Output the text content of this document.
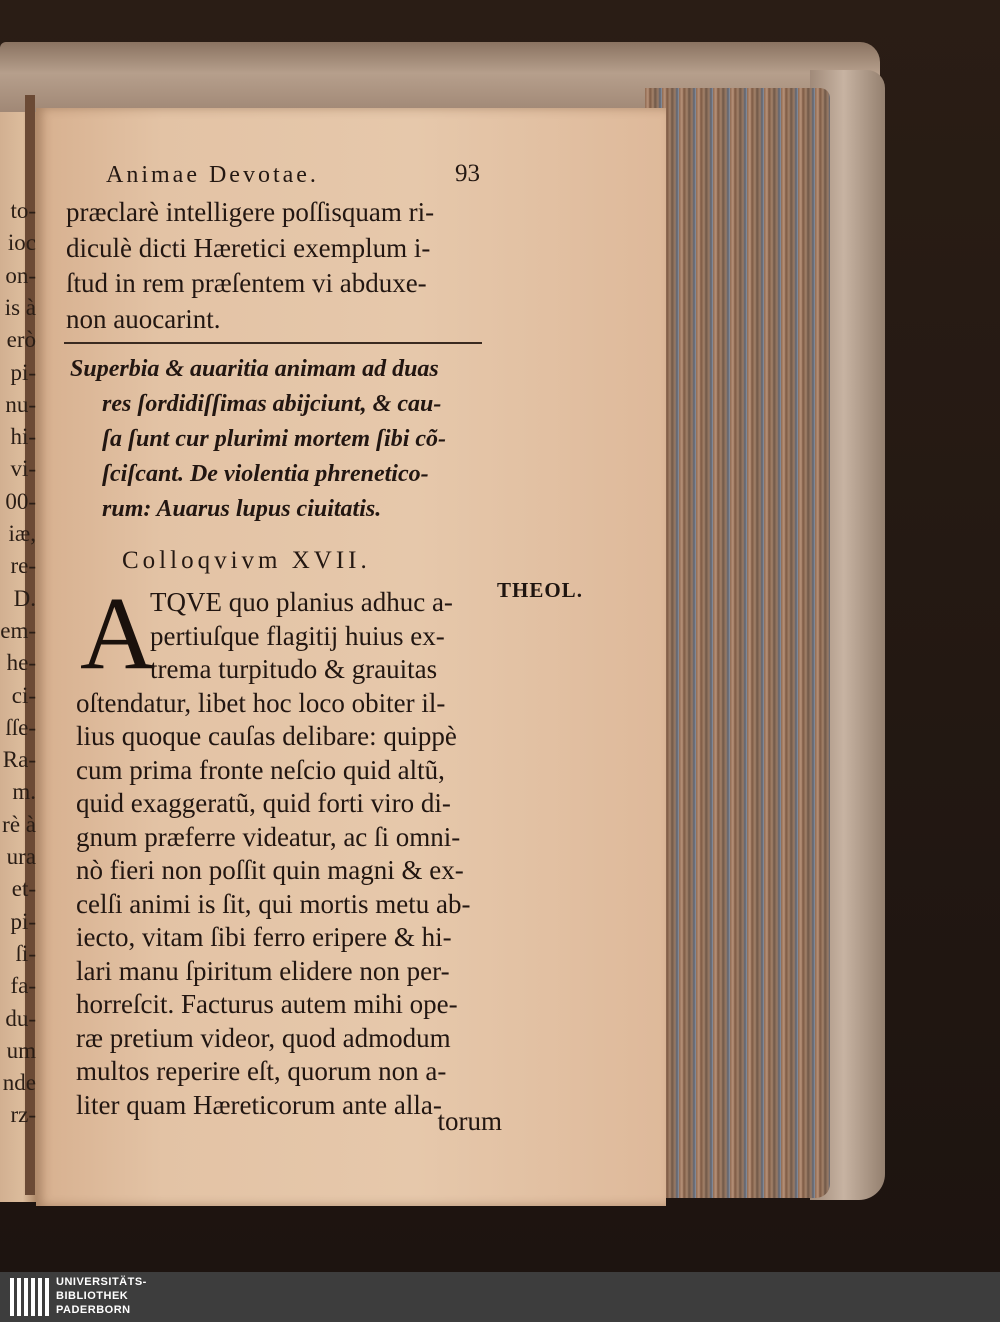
Animae Devotae.	93
Colloqvivm XVII.
A	THEOL.
torum
UNIVERSITÄTS-
BIBLIOTHEK
PADERBORN
præclarè intelligere poſſisquam ri-
diculè dicti Hæretici exemplum i-
ſtud in rem præſentem vi abduxe-
non auocarint.
Superbia & auaritia animam ad duas
res ſordidiſſimas abijciunt, & cau-
ſa ſunt cur plurimi mortem ſibi cõ-
ſciſcant. De violentia phrenetico-
rum: Auarus lupus ciuitatis.
TQVE quo planius adhuc a-
pertiuſque flagitij huius ex-
trema turpitudo & grauitas
oſtendatur, libet hoc loco obiter il-
lius quoque cauſas delibare: quippè
cum prima fronte neſcio quid altũ,
quid exaggeratũ, quid forti viro di-
gnum præferre videatur, ac ſi omni-
nò fieri non poſſit quin magni & ex-
celſi animi is ſit, qui mortis metu ab-
iecto, vitam ſibi ferro eripere & hi-
lari manu ſpiritum elidere non per-
horreſcit. Facturus autem mihi ope-
ræ pretium videor, quod admodum
multos reperire eſt, quorum non a-
liter quam Hæreticorum ante alla-
to-
ioc
on-
is à
erò
pi-
nu-
hi-
vi-
00-
iæ,
re-
D.
em-
he-
ci-
ſſe-
Ra-
m.
rè à
ura
et-
pi-
ſi-
fa-
du-
um
nde
rz-
